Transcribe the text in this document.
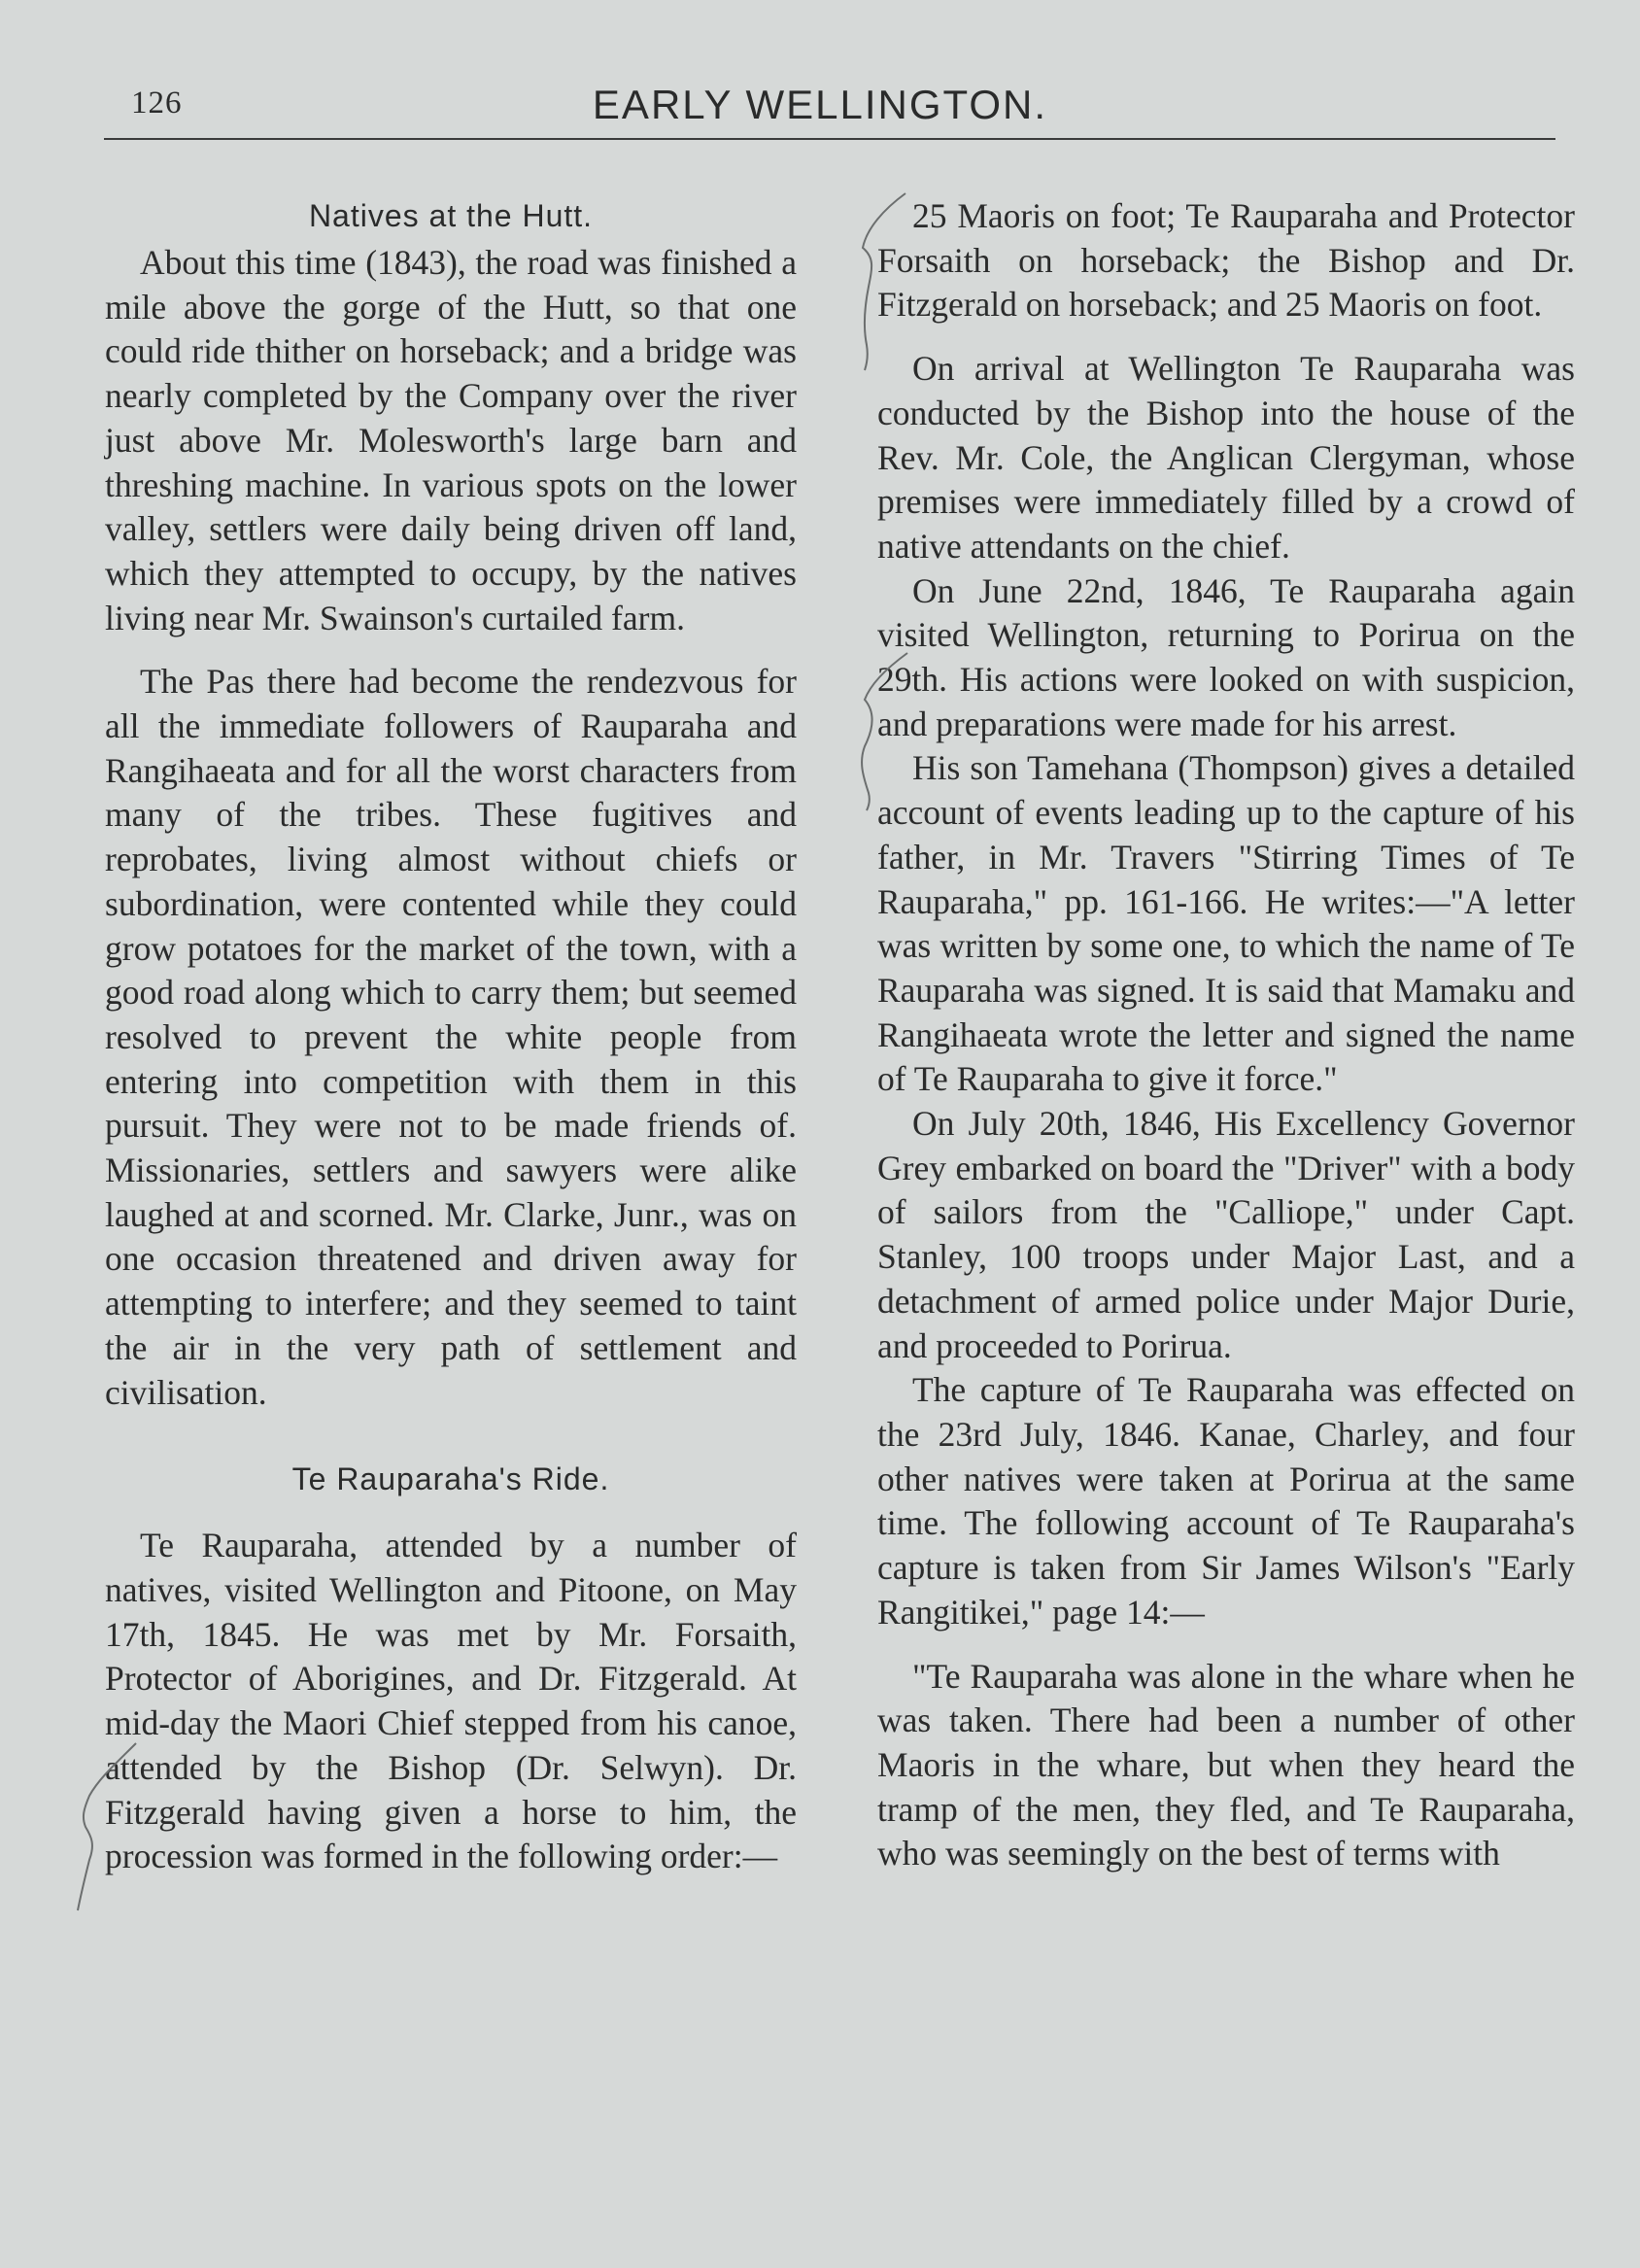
126	EARLY WELLINGTON.
Natives at the Hutt.

About this time (1843), the road was finished a mile above the gorge of the Hutt, so that one could ride thither on horseback; and a bridge was nearly completed by the Company over the river just above Mr. Molesworth's large barn and threshing machine. In various spots on the lower valley, settlers were daily being driven off land, which they attempted to occupy, by the natives living near Mr. Swainson's curtailed farm.

The Pas there had become the rendezvous for all the immediate followers of Rauparaha and Rangihaeata and for all the worst characters from many of the tribes. These fugitives and reprobates, living almost without chiefs or subordination, were contented while they could grow potatoes for the market of the town, with a good road along which to carry them; but seemed resolved to prevent the white people from entering into competition with them in this pursuit. They were not to be made friends of. Missionaries, settlers and sawyers were alike laughed at and scorned. Mr. Clarke, Junr., was on one occasion threatened and driven away for attempting to interfere; and they seemed to taint the air in the very path of settlement and civilisation.

Te Rauparaha's Ride.

Te Rauparaha, attended by a number of natives, visited Wellington and Pitoone, on May 17th, 1845. He was met by Mr. Forsaith, Protector of Aborigines, and Dr. Fitzgerald. At mid-day the Maori Chief stepped from his canoe, attended by the Bishop (Dr. Selwyn). Dr. Fitzgerald having given a horse to him, the procession was formed in the following order:—

25 Maoris on foot; Te Rauparaha and Protector Forsaith on horseback; the Bishop and Dr. Fitzgerald on horseback; and 25 Maoris on foot.

On arrival at Wellington Te Rauparaha was conducted by the Bishop into the house of the Rev. Mr. Cole, the Anglican Clergyman, whose premises were immediately filled by a crowd of native attendants on the chief.

On June 22nd, 1846, Te Rauparaha again visited Wellington, returning to Porirua on the 29th. His actions were looked on with suspicion, and preparations were made for his arrest.

His son Tamehana (Thompson) gives a detailed account of events leading up to the capture of his father, in Mr. Travers "Stirring Times of Te Rauparaha," pp. 161-166. He writes:—"A letter was written by some one, to which the name of Te Rauparaha was signed. It is said that Mamaku and Rangihaeata wrote the letter and signed the name of Te Rauparaha to give it force."

On July 20th, 1846, His Excellency Governor Grey embarked on board the "Driver" with a body of sailors from the "Calliope," under Capt. Stanley, 100 troops under Major Last, and a detachment of armed police under Major Durie, and proceeded to Porirua.

The capture of Te Rauparaha was effected on the 23rd July, 1846. Kanae, Charley, and four other natives were taken at Porirua at the same time. The following account of Te Rauparaha's capture is taken from Sir James Wilson's "Early Rangitikei," page 14:—

"Te Rauparaha was alone in the whare when he was taken. There had been a number of other Maoris in the whare, but when they heard the tramp of the men, they fled, and Te Rauparaha, who was seemingly on the best of terms with
